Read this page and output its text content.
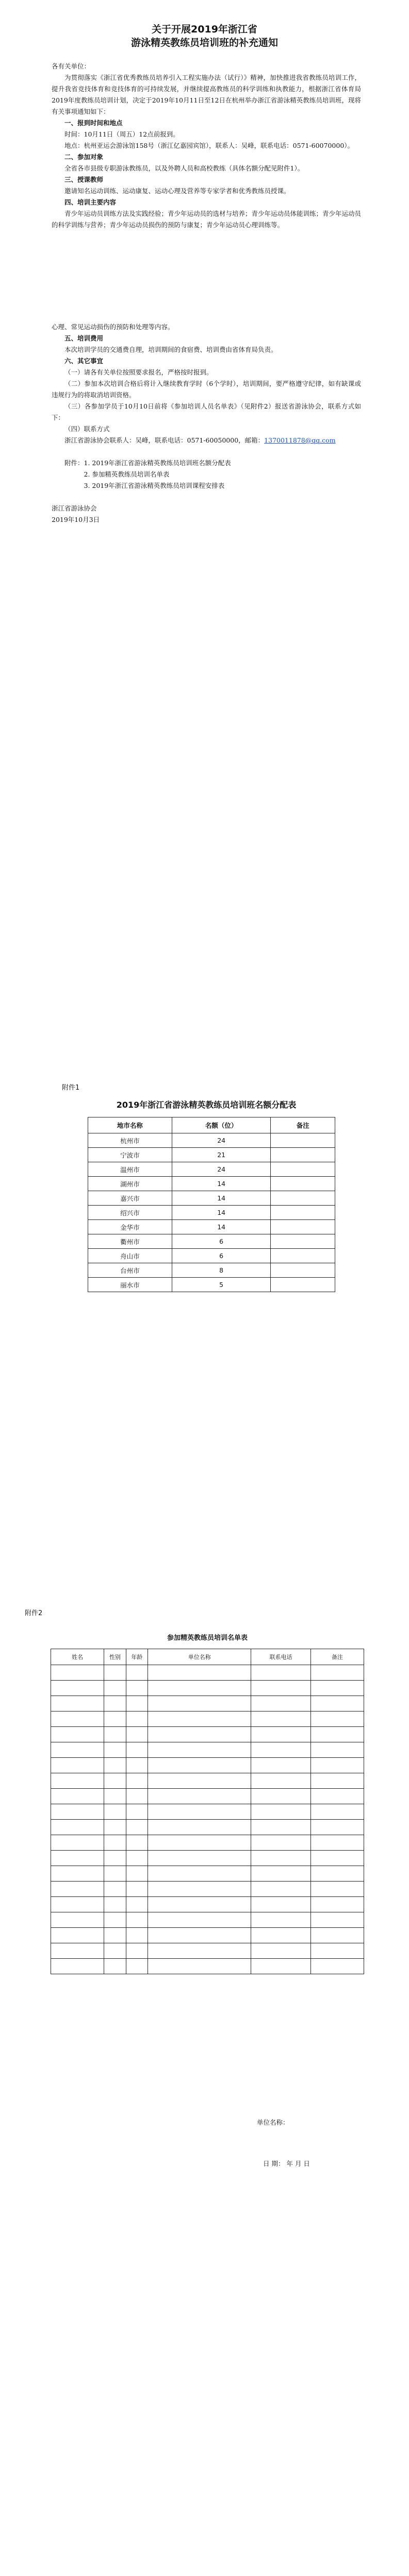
关于开展2019年浙江省
游泳精英教练员培训班的补充通知

各有关单位：

为贯彻落实《浙江省优秀教练员培养引入工程实施办法（试行）》精神，加快推进我省教练员培训工作，提升我省竞技体育和竞技体育的可持续发展，并继续提高教练员的科学训练和执教能力，根据浙江省体育局2019年度教练员培训计划，决定于2019年10月11日至12日在杭州举办浙江省游泳精英教练员培训班，现将有关事项通知如下：

一、报到时间和地点

时间：10月11日（周五）12点前报到。

地点：杭州亚运会游泳馆158号（浙江亿嘉园宾馆），联系人：吴峰，联系电话：0571-60070000）。

二、参加对象

全省各市县级专职游泳教练员，以及外聘人员和高校教练（具体名额分配见附件1）。

三、授课教师

邀请知名运动训练、运动康复、运动心理及营养等专家学者和优秀教练员授课。

四、培训主要内容

青少年运动员训练方法及实践经验；青少年运动员的选材与培养；青少年运动员体能训练；青少年运动员的科学训练与营养；青少年运动员损伤的预防与康复；青少年运动员心理训练等。

心理、常见运动损伤的预防和处理等内容。

五、培训费用

本次培训学员的交通费自理，培训期间的食宿费、培训费由省体育局负责。

六、其它事宜

（一）请各有关单位按照要求报名，严格按时报到。

（二）参加本次培训合格后将计入继续教育学时（6个学时），培训期间，要严格遵守纪律，如有缺课或违规行为的将取消培训资格。

（三）各参加学员于10月10日前将《参加培训人员名单表》（见附件2）报送省游泳协会，联系方式如下：

（四）联系方式

浙江省游泳协会联系人：吴峰，联系电话：0571-60050000，邮箱：1370011878@qq.com

附件：1. 2019年浙江省游泳精英教练员培训班名额分配表

2. 参加精英教练员培训名单表

3. 2019年浙江省游泳精英教练员培训课程安排表

浙江省游泳协会

2019年10月3日

附件1
2019年浙江省游泳精英教练员培训班名额分配表
地市名称	名额（位）	备注
杭州市	24	
宁波市	21	
温州市	24	
湖州市	14	
嘉兴市	14	
绍兴市	14	
金华市	14	
衢州市	6	
舟山市	6	
台州市	8	
丽水市	5	
附件2
参加精英教练员培训名单表
姓名	性别	年龄	单位名称	联系电话	备注

单位名称：
日 期： 年 月 日
